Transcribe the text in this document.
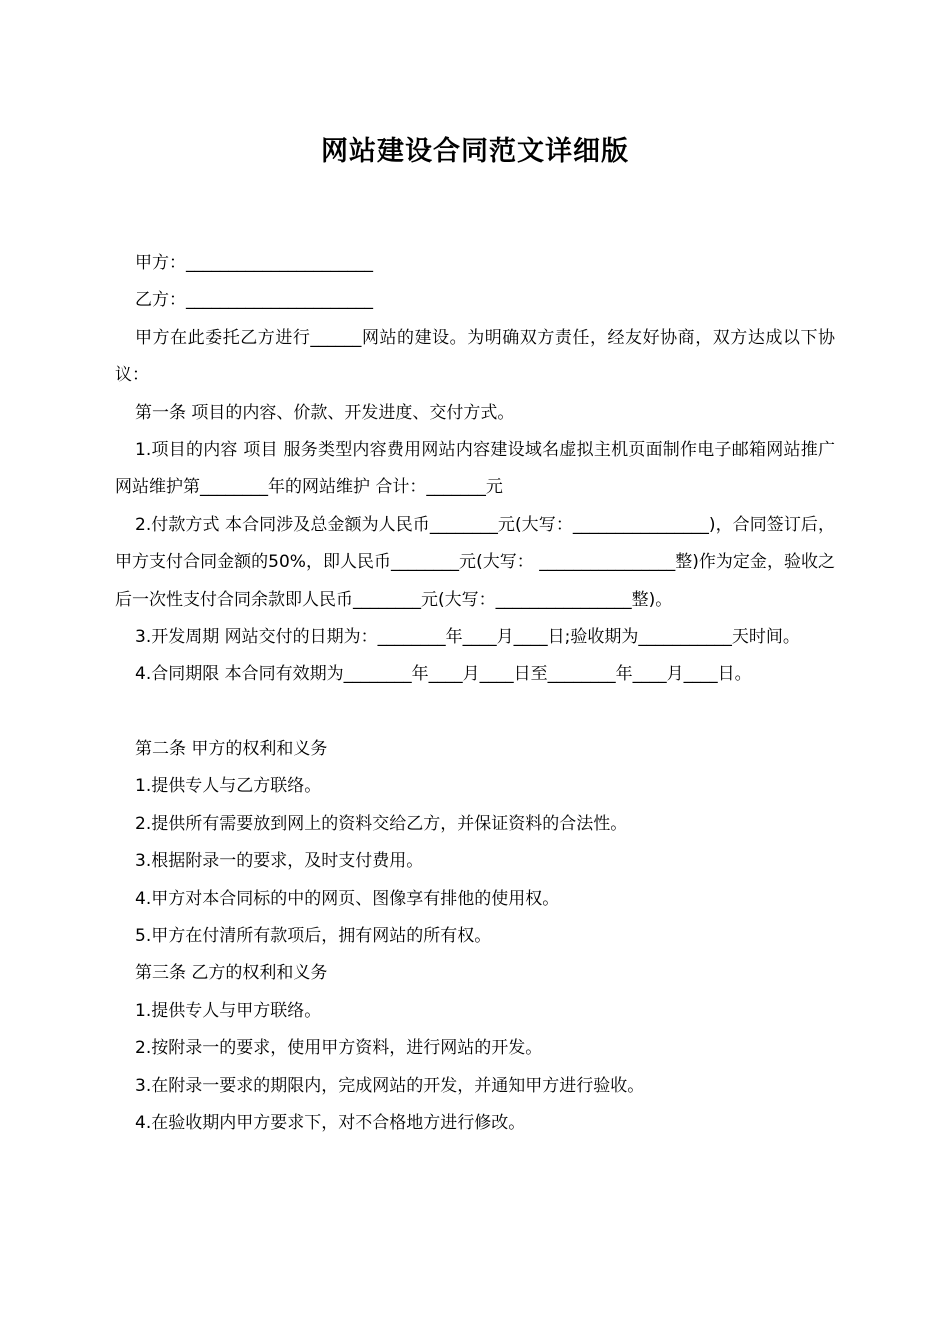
网站建设合同范文详细版

甲方：______________________

乙方：______________________

甲方在此委托乙方进行______网站的建设。为明确双方责任，经友好协商，双方达成以下协议：

第一条 项目的内容、价款、开发进度、交付方式。

1.项目的内容 项目 服务类型内容费用网站内容建设域名虚拟主机页面制作电子邮箱网站推广网站维护第________年的网站维护 合计：_______元

2.付款方式 本合同涉及总金额为人民币________元(大写：________________)，合同签订后，甲方支付合同金额的50%，即人民币________元(大写： ________________整)作为定金，验收之后一次性支付合同余款即人民币________元(大写：________________整)。

3.开发周期 网站交付的日期为：________年____月____日;验收期为___________天时间。

4.合同期限 本合同有效期为________年____月____日至________年____月____日。

第二条 甲方的权利和义务

1.提供专人与乙方联络。

2.提供所有需要放到网上的资料交给乙方，并保证资料的合法性。

3.根据附录一的要求，及时支付费用。

4.甲方对本合同标的中的网页、图像享有排他的使用权。

5.甲方在付清所有款项后，拥有网站的所有权。

第三条 乙方的权利和义务

1.提供专人与甲方联络。

2.按附录一的要求，使用甲方资料，进行网站的开发。

3.在附录一要求的期限内，完成网站的开发，并通知甲方进行验收。

4.在验收期内甲方要求下，对不合格地方进行修改。
